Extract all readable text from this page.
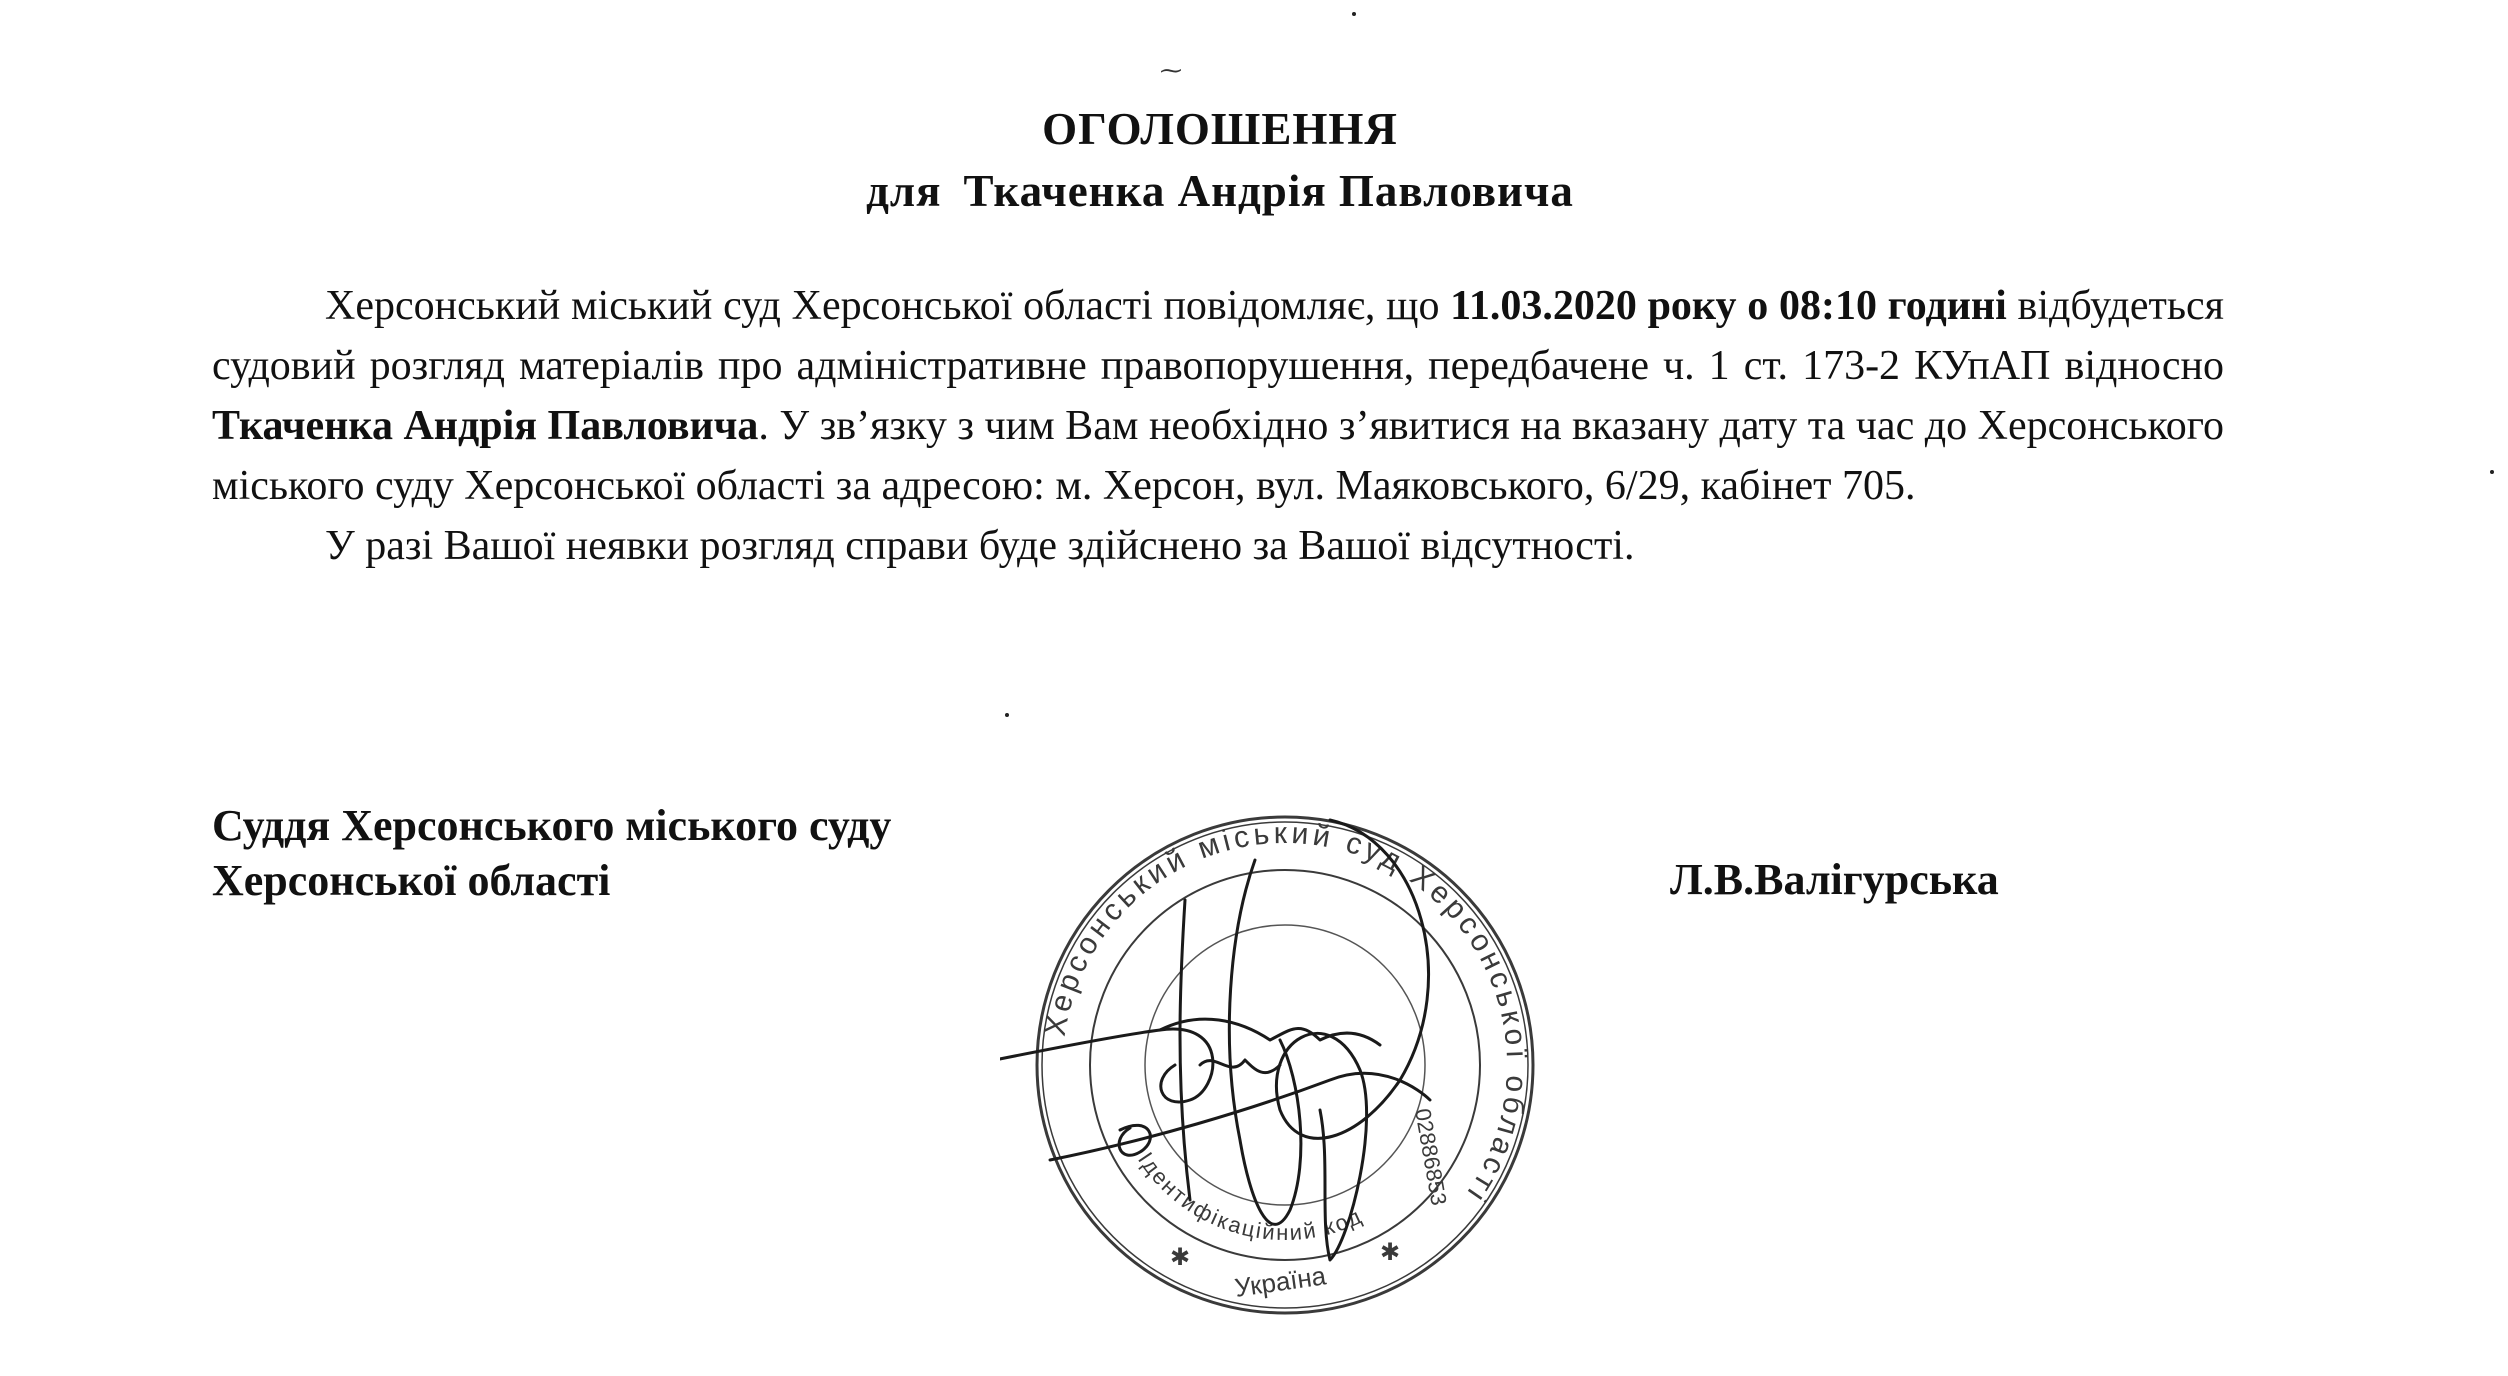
⁓
ОГОЛОШЕННЯ
для Ткаченка Андрія Павловича

Херсонський міський суд Херсонської області повідомляє, що 11.03.2020 року о 08:10 годині відбудеться судовий розгляд матеріалів про адміністративне правопорушення, передбачене ч. 1 ст. 173-2 КУпАП відносно Ткаченка Андрія Павловича. У зв’язку з чим Вам необхідно з’явитися на вказану дату та час до Херсонського міського суду Херсонської області за адресою: м. Херсон, вул. Маяковського, 6/29, кабінет 705.

У разі Вашої неявки розгляд справи буде здійснено за Вашої відсутності.

Суддя Херсонського міського суду
Херсонської області	Л.В.Валігурська
Херсонський міський суд Херсонської області
Ідентифікаційний код
02886853
Україна
✱	✱
